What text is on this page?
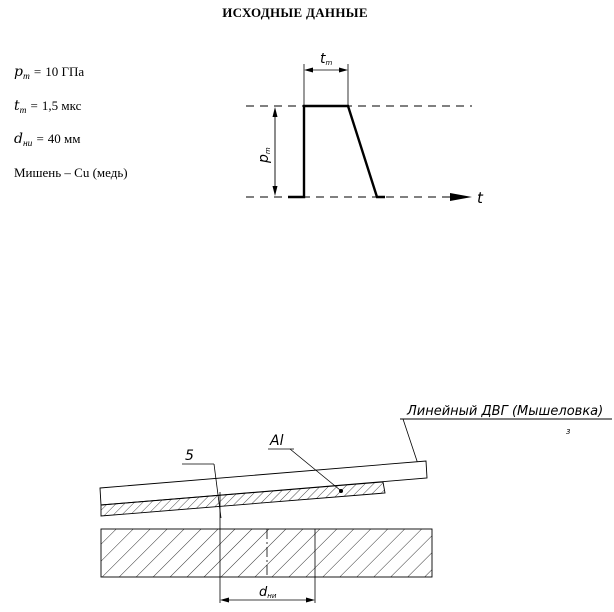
ИСХОДНЫЕ ДАННЫЕ
$p_m = 10$ ГПа
$t_m = 1,5$ мкс
$d_{ни} = 40$ мм
Мишень – Cu (медь)
tm
pm
t
Линейный ДВГ (Мышеловка)
3
Al
5
dни
